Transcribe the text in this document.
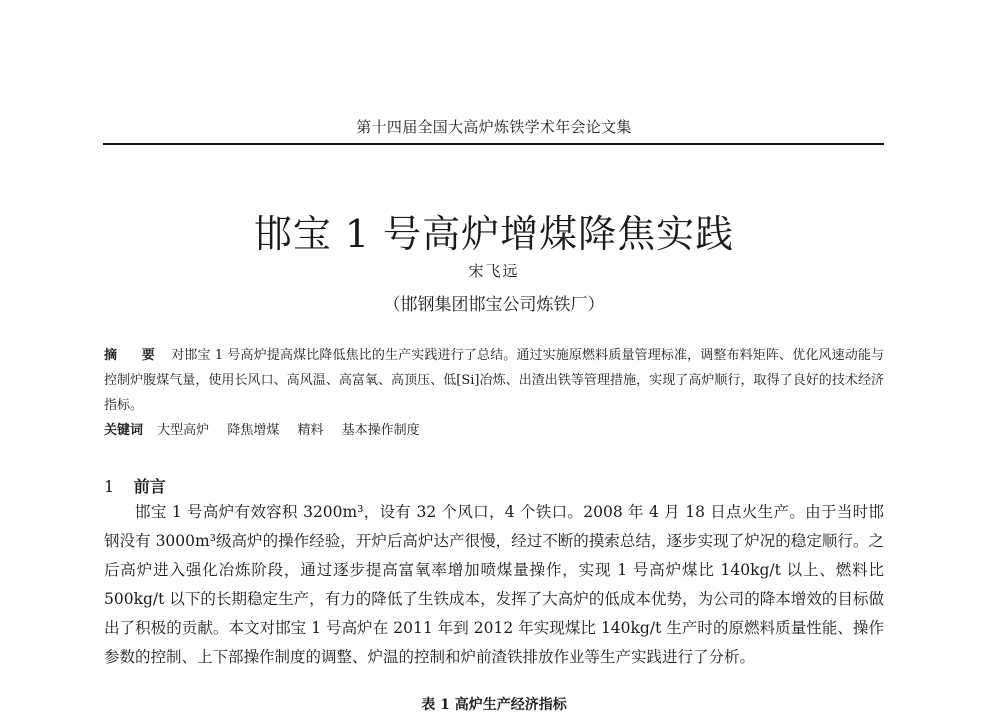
第十四届全国大高炉炼铁学术年会论文集
邯宝 1 号高炉增煤降焦实践
宋飞远
（邯钢集团邯宝公司炼铁厂）
摘 要 对邯宝 1 号高炉提高煤比降低焦比的生产实践进行了总结。通过实施原燃料质量管理标准，调整布料矩阵、优化风速动能与控制炉腹煤气量，使用长风口、高风温、高富氧、高顶压、低[Si]冶炼、出渣出铁等管理措施，实现了高炉顺行，取得了良好的技术经济指标。
关键词 大型高炉 降焦增煤 精料 基本操作制度
1 前言

邯宝 1 号高炉有效容积 3200m³，设有 32 个风口，4 个铁口。2008 年 4 月 18 日点火生产。由于当时邯钢没有 3000m³级高炉的操作经验，开炉后高炉达产很慢，经过不断的摸索总结，逐步实现了炉况的稳定顺行。之后高炉进入强化冶炼阶段，通过逐步提高富氧率增加喷煤量操作，实现 1 号高炉煤比 140kg/t 以上、燃料比 500kg/t 以下的长期稳定生产，有力的降低了生铁成本，发挥了大高炉的低成本优势，为公司的降本增效的目标做出了积极的贡献。本文对邯宝 1 号高炉在 2011 年到 2012 年实现煤比 140kg/t 生产时的原燃料质量性能、操作参数的控制、上下部操作制度的调整、炉温的控制和炉前渣铁排放作业等生产实践进行了分析。

表 1 高炉生产经济指标
